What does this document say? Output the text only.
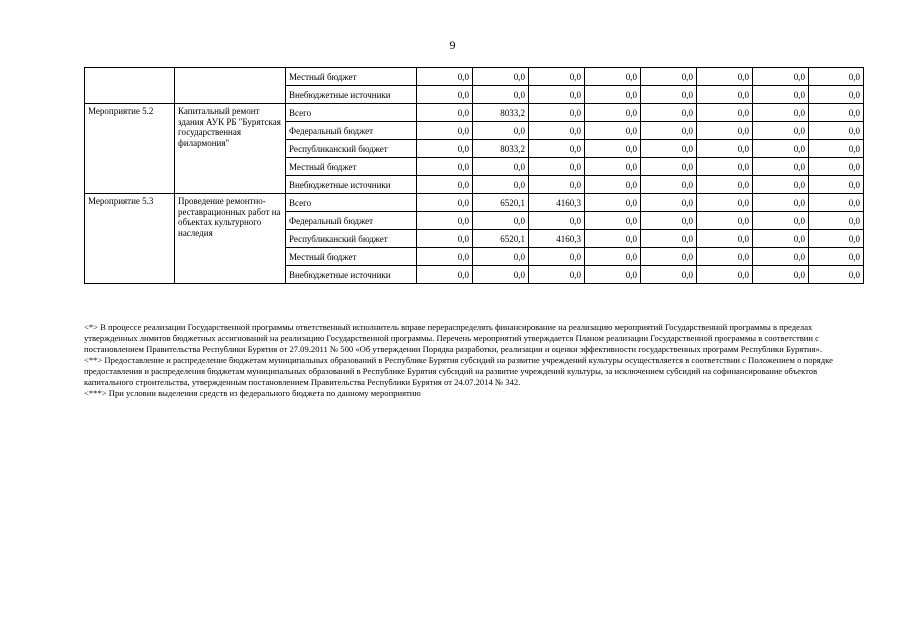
9
		Местный бюджет	0,0	0,0	0,0	0,0	0,0	0,0	0,0	0,0
		Внебюджетные источники	0,0	0,0	0,0	0,0	0,0	0,0	0,0	0,0
Мероприятие 5.2	Капитальный ремонт здания АУК РБ "Бурятская государственная филармония"	Всего	0,0	8033,2	0,0	0,0	0,0	0,0	0,0	0,0
		Федеральный бюджет	0,0	0,0	0,0	0,0	0,0	0,0	0,0	0,0
		Республиканский бюджет	0,0	8033,2	0,0	0,0	0,0	0,0	0,0	0,0
		Местный бюджет	0,0	0,0	0,0	0,0	0,0	0,0	0,0	0,0
		Внебюджетные источники	0,0	0,0	0,0	0,0	0,0	0,0	0,0	0,0
Мероприятие 5.3	Проведение ремонтно-реставрационных работ на объектах культурного наследия	Всего	0,0	6520,1	4160,3	0,0	0,0	0,0	0,0	0,0
		Федеральный бюджет	0,0	0,0	0,0	0,0	0,0	0,0	0,0	0,0
		Республиканский бюджет	0,0	6520,1	4160,3	0,0	0,0	0,0	0,0	0,0
		Местный бюджет	0,0	0,0	0,0	0,0	0,0	0,0	0,0	0,0
		Внебюджетные источники	0,0	0,0	0,0	0,0	0,0	0,0	0,0	0,0

<*> В процессе реализации Государственной программы ответственный исполнитель вправе перераспределять финансирование на реализацию мероприятий Государственной программы в пределах утвержденных лимитов бюджетных ассигнований на реализацию Государственной программы. Перечень мероприятий утверждается Планом реализации Государственной программы в соответствии с постановлением Правительства Республики Бурятия от 27.09.2011 № 500 «Об утверждении Порядка разработки, реализации и оценки эффективности государственных программ Республики Бурятия».

<**> Предоставление и распределение бюджетам муниципальных образований в Республике Бурятия субсидий на развитие учреждений культуры осуществляется в соответствии с Положением о порядке предоставления и распределения бюджетам муниципальных образований в Республике Бурятия субсидий на развитие учреждений культуры, за исключением субсидий на софинансирование объектов капитального строительства, утвержденным постановлением Правительства Республики Бурятия от 24.07.2014 № 342.

<***> При условии выделения средств из федерального бюджета по данному мероприятию
